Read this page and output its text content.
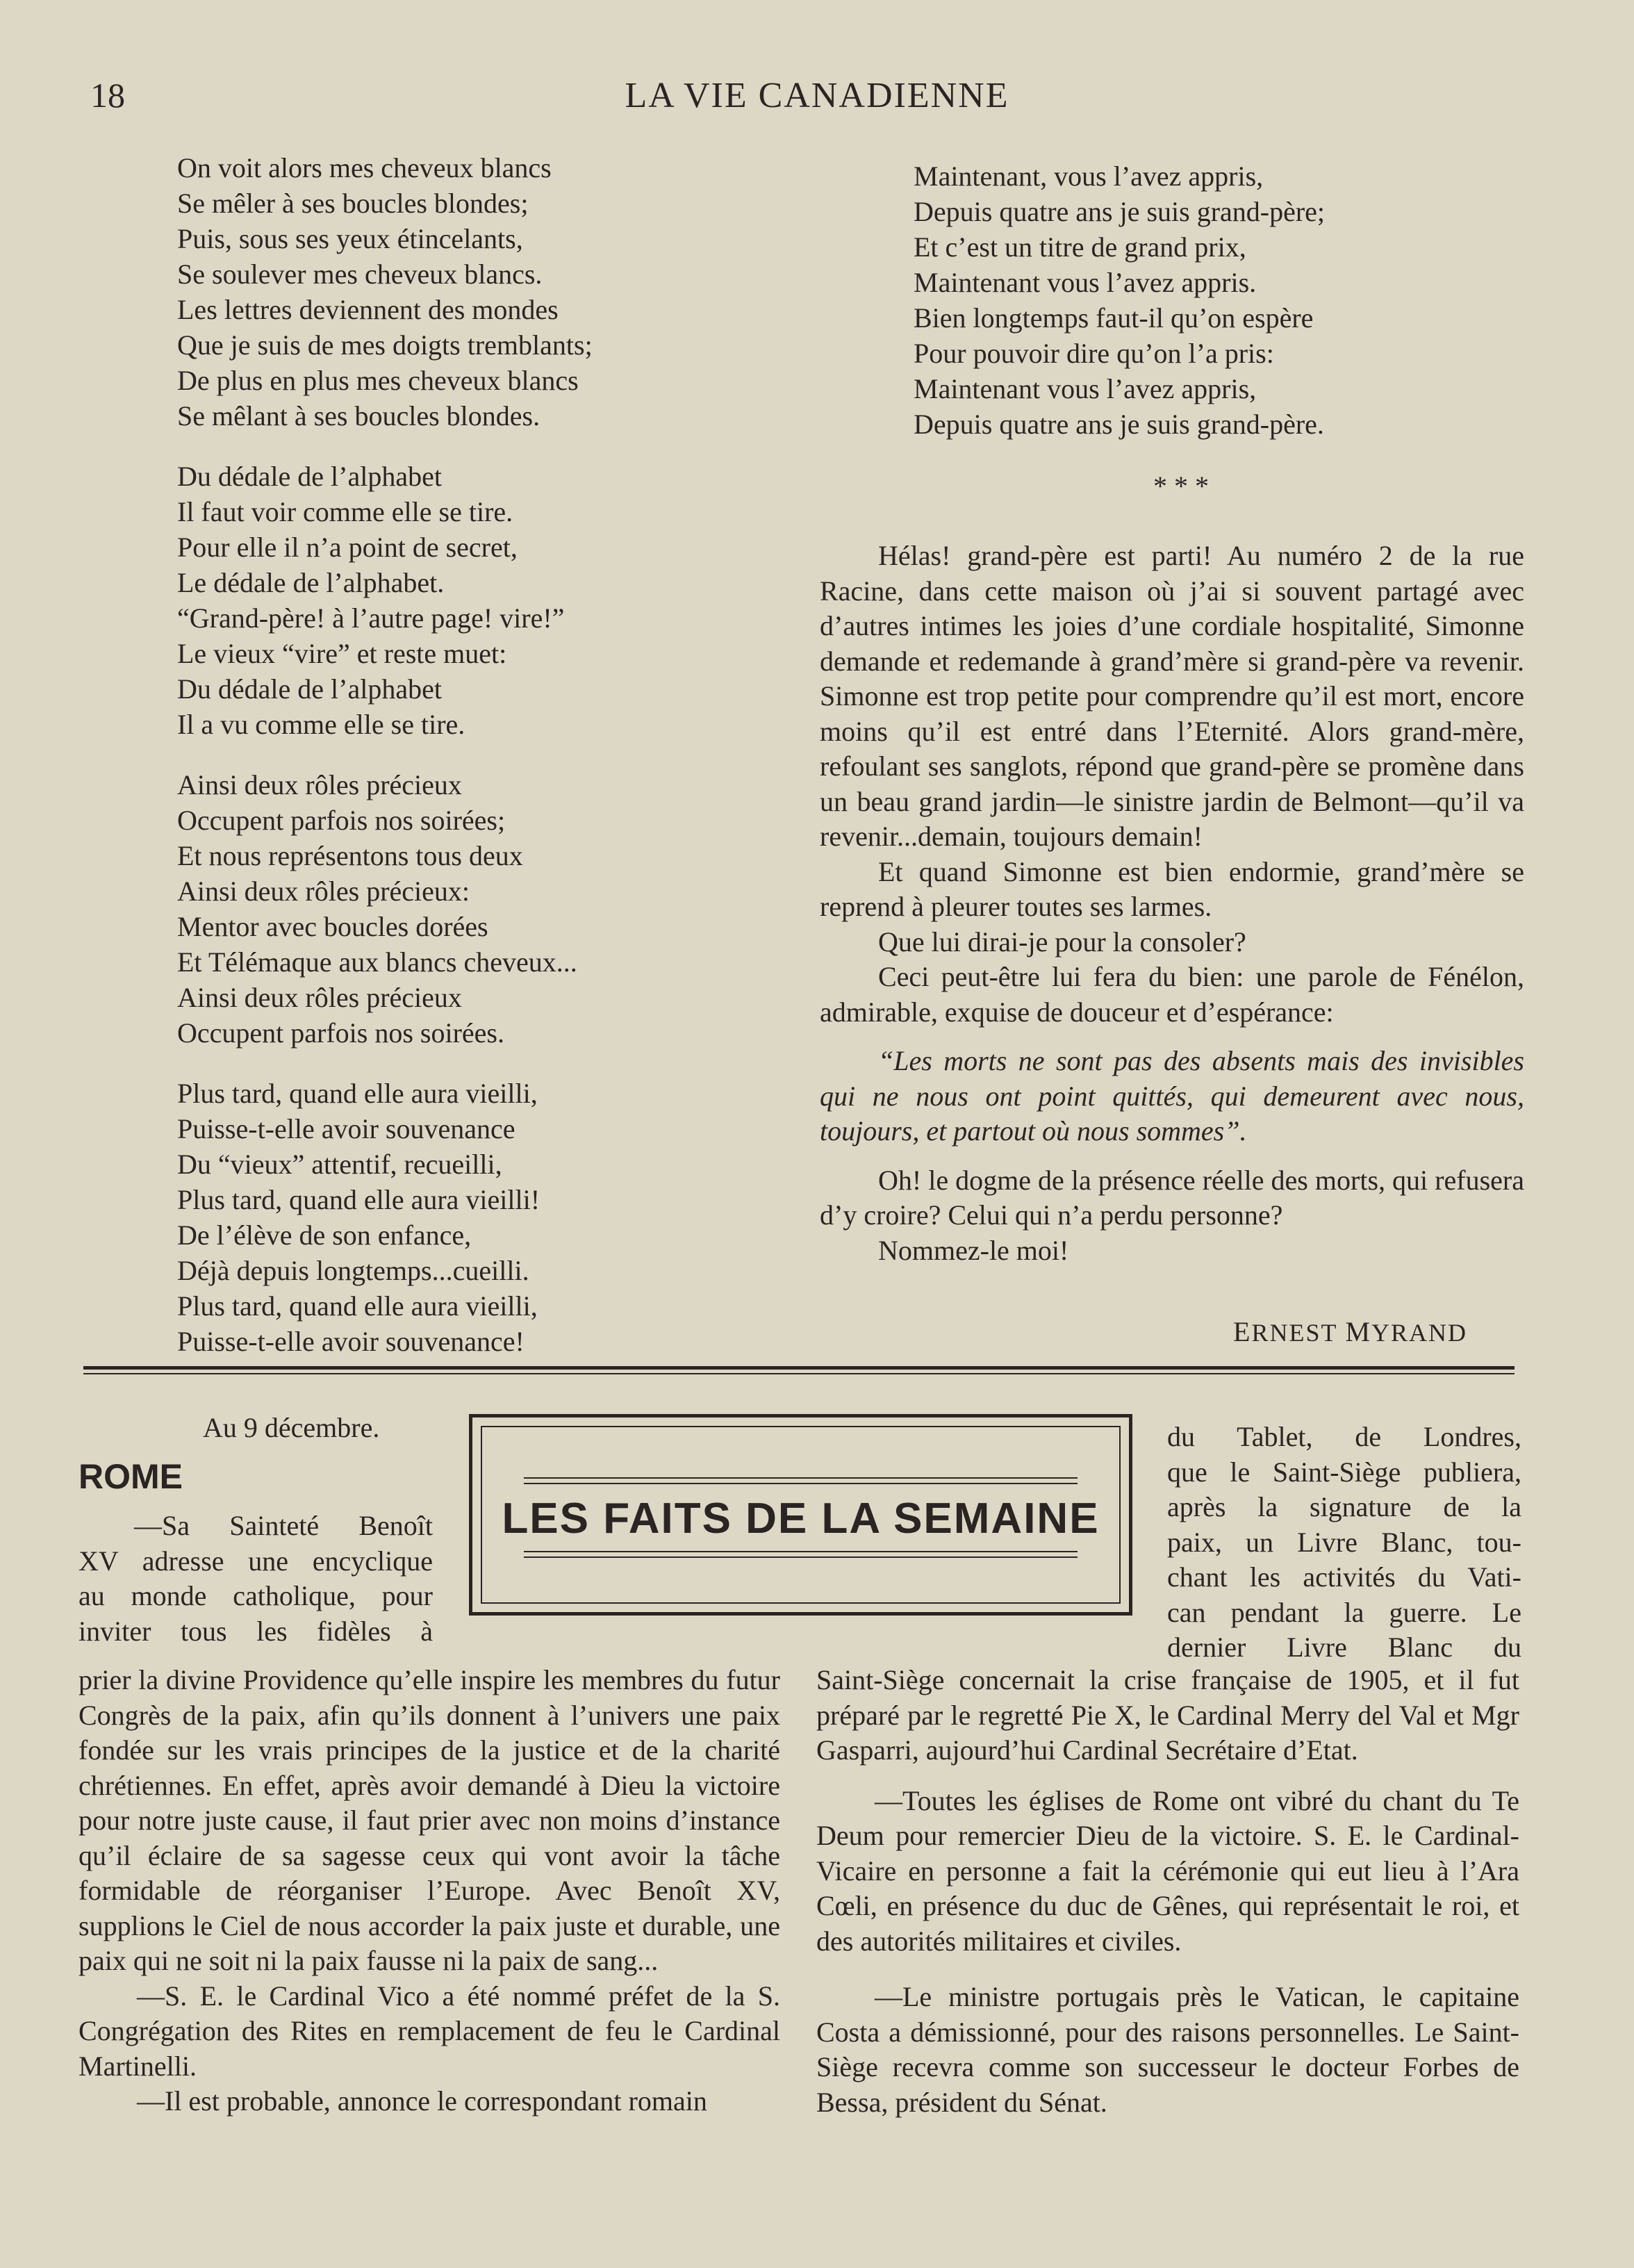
18	LA VIE CANADIENNE
On voit alors mes cheveux blancs
Se mêler à ses boucles blondes;
Puis, sous ses yeux étincelants,
Se soulever mes cheveux blancs.
Les lettres deviennent des mondes
Que je suis de mes doigts tremblants;
De plus en plus mes cheveux blancs
Se mêlant à ses boucles blondes.
Du dédale de l’alphabet
Il faut voir comme elle se tire.
Pour elle il n’a point de secret,
Le dédale de l’alphabet.
“Grand-père! à l’autre page! vire!”
Le vieux “vire” et reste muet:
Du dédale de l’alphabet
Il a vu comme elle se tire.
Ainsi deux rôles précieux
Occupent parfois nos soirées;
Et nous représentons tous deux
Ainsi deux rôles précieux:
Mentor avec boucles dorées
Et Télémaque aux blancs cheveux...
Ainsi deux rôles précieux
Occupent parfois nos soirées.
Plus tard, quand elle aura vieilli,
Puisse-t-elle avoir souvenance
Du “vieux” attentif, recueilli,
Plus tard, quand elle aura vieilli!
De l’élève de son enfance,
Déjà depuis longtemps...cueilli.
Plus tard, quand elle aura vieilli,
Puisse-t-elle avoir souvenance!
Maintenant, vous l’avez appris,
Depuis quatre ans je suis grand-père;
Et c’est un titre de grand prix,
Maintenant vous l’avez appris.
Bien longtemps faut-il qu’on espère
Pour pouvoir dire qu’on l’a pris:
Maintenant vous l’avez appris,
Depuis quatre ans je suis grand-père.
* * *

Hélas! grand-père est parti! Au numéro 2 de la rue Racine, dans cette maison où j’ai si souvent partagé avec d’autres intimes les joies d’une cordiale hospitalité, Simonne demande et redemande à grand’mère si grand-père va revenir. Simonne est trop petite pour comprendre qu’il est mort, encore moins qu’il est entré dans l’Eternité. Alors grand-mère, refoulant ses sanglots, répond que grand-père se promène dans un beau grand jardin—le sinistre jardin de Belmont—qu’il va revenir...demain, toujours demain!

Et quand Simonne est bien endormie, grand’mère se reprend à pleurer toutes ses larmes.

Que lui dirai-je pour la consoler?

Ceci peut-être lui fera du bien: une parole de Fénélon, admirable, exquise de douceur et d’espérance:

“Les morts ne sont pas des absents mais des invisibles qui ne nous ont point quittés, qui demeurent avec nous, toujours, et partout où nous sommes”.

Oh! le dogme de la présence réelle des morts, qui refusera d’y croire? Celui qui n’a perdu personne?

Nommez-le moi!

ERNEST MYRAND
LES FAITS DE LA SEMAINE
Au 9 décembre.
ROME
—Sa Sainteté Benoît
XV adresse une encyclique
au monde catholique, pour
inviter tous les fidèles à

prier la divine Providence qu’elle inspire les membres du futur Congrès de la paix, afin qu’ils donnent à l’univers une paix fondée sur les vrais principes de la justice et de la charité chrétiennes. En effet, après avoir demandé à Dieu la victoire pour notre juste cause, il faut prier avec non moins d’instance qu’il éclaire de sa sagesse ceux qui vont avoir la tâche formidable de réorganiser l’Europe. Avec Benoît XV, supplions le Ciel de nous accorder la paix juste et durable, une paix qui ne soit ni la paix fausse ni la paix de sang...

—S. E. le Cardinal Vico a été nommé préfet de la S. Congrégation des Rites en remplacement de feu le Cardinal Martinelli.

—Il est probable, annonce le correspondant romain

du Tablet, de Londres,
que le Saint-Siège publiera,
après la signature de la
paix, un Livre Blanc, tou-
chant les activités du Vati-
can pendant la guerre. Le
dernier Livre Blanc du

Saint-Siège concernait la crise française de 1905, et il fut préparé par le regretté Pie X, le Cardinal Merry del Val et Mgr Gasparri, aujourd’hui Cardinal Secrétaire d’Etat.

—Toutes les églises de Rome ont vibré du chant du Te Deum pour remercier Dieu de la victoire. S. E. le Cardinal-Vicaire en personne a fait la cérémonie qui eut lieu à l’Ara Cœli, en présence du duc de Gênes, qui représentait le roi, et des autorités militaires et civiles.

—Le ministre portugais près le Vatican, le capitaine Costa a démissionné, pour des raisons personnelles. Le Saint-Siège recevra comme son successeur le docteur Forbes de Bessa, président du Sénat.
